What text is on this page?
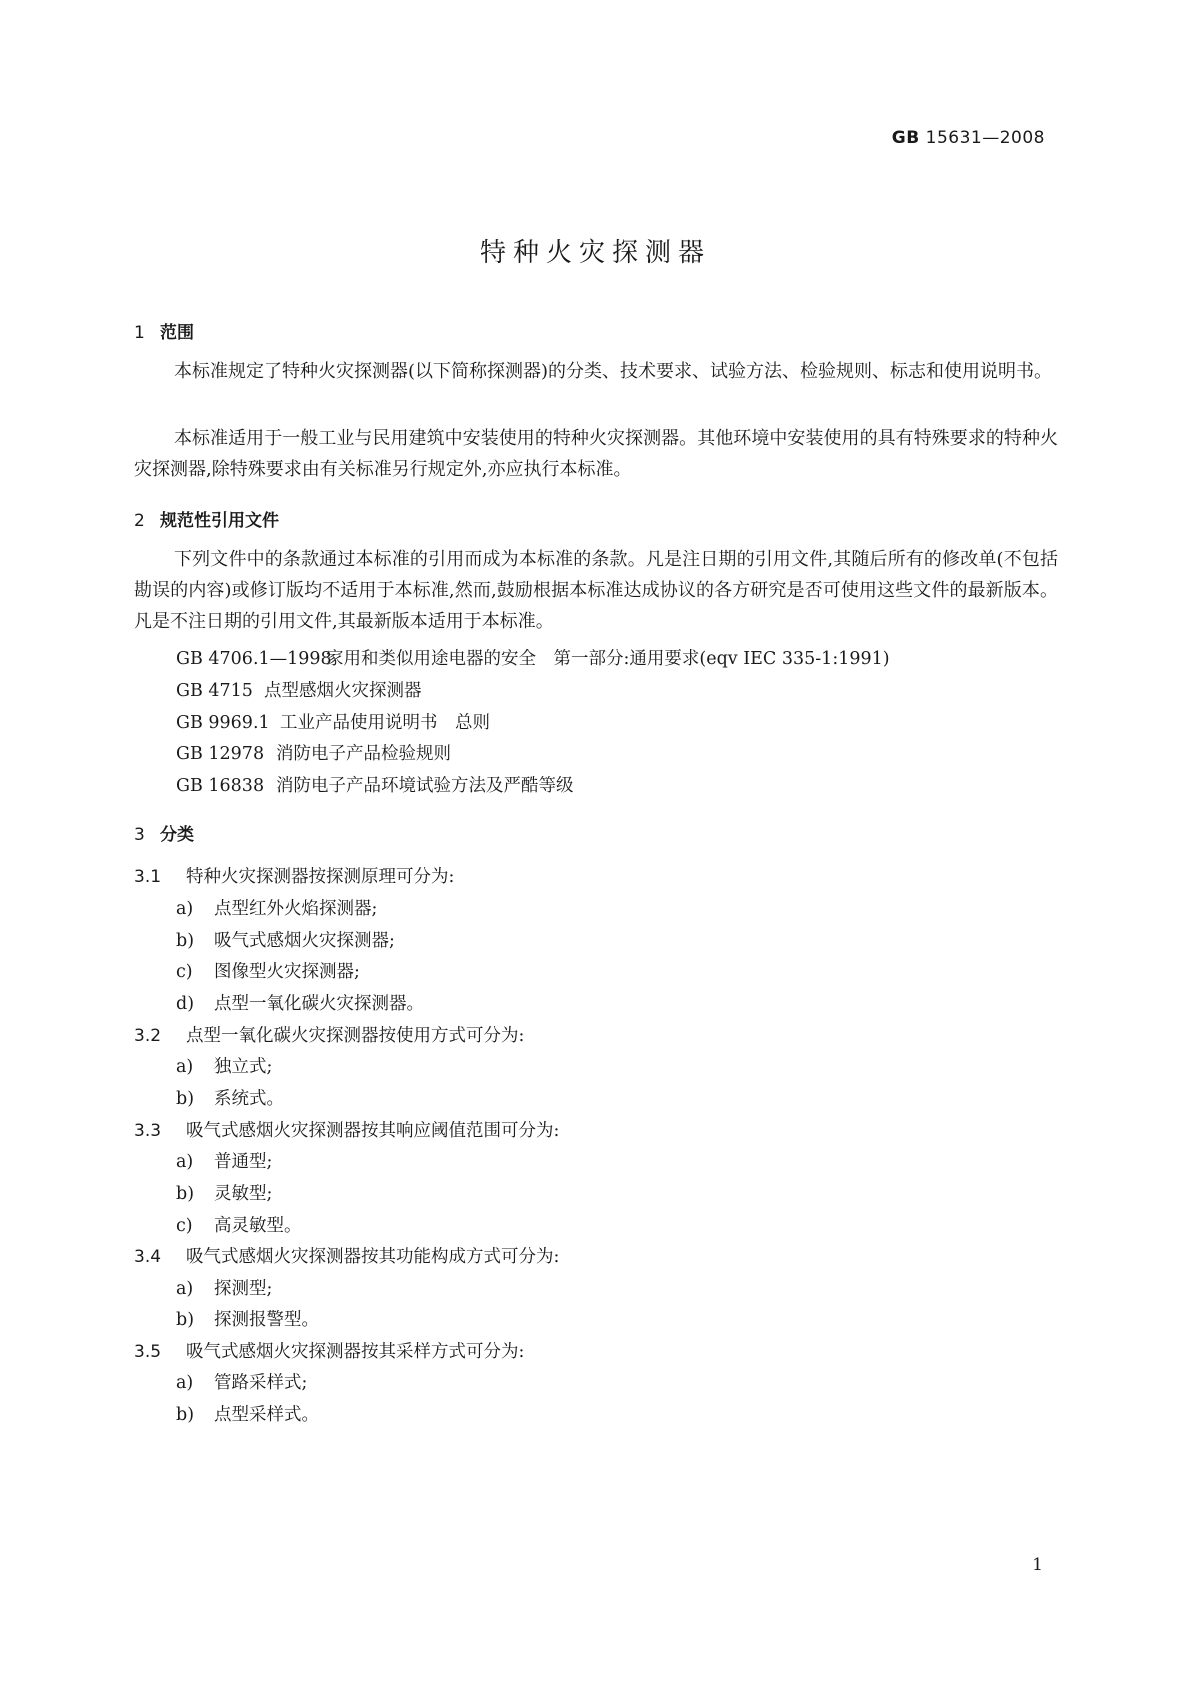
GB 15631—2008
特种火灾探测器
1 范围
本标准规定了特种火灾探测器(以下简称探测器)的分类、技术要求、试验方法、检验规则、标志和使用说明书。
本标准适用于一般工业与民用建筑中安装使用的特种火灾探测器。其他环境中安装使用的具有特殊要求的特种火灾探测器,除特殊要求由有关标准另行规定外,亦应执行本标准。
2 规范性引用文件
下列文件中的条款通过本标准的引用而成为本标准的条款。凡是注日期的引用文件,其随后所有的修改单(不包括勘误的内容)或修订版均不适用于本标准,然而,鼓励根据本标准达成协议的各方研究是否可使用这些文件的最新版本。凡是不注日期的引用文件,其最新版本适用于本标准。
GB 4706.1—1998家用和类似用途电器的安全　第一部分:通用要求(eqv IEC 335-1:1991)
GB 4715 点型感烟火灾探测器
GB 9969.1 工业产品使用说明书　总则
GB 12978 消防电子产品检验规则
GB 16838 消防电子产品环境试验方法及严酷等级
3 分类
3.1 特种火灾探测器按探测原理可分为:
a) 点型红外火焰探测器;
b) 吸气式感烟火灾探测器;
c) 图像型火灾探测器;
d) 点型一氧化碳火灾探测器。
3.2 点型一氧化碳火灾探测器按使用方式可分为:
a) 独立式;
b) 系统式。
3.3 吸气式感烟火灾探测器按其响应阈值范围可分为:
a) 普通型;
b) 灵敏型;
c) 高灵敏型。
3.4 吸气式感烟火灾探测器按其功能构成方式可分为:
a) 探测型;
b) 探测报警型。
3.5 吸气式感烟火灾探测器按其采样方式可分为:
a) 管路采样式;
b) 点型采样式。
1
